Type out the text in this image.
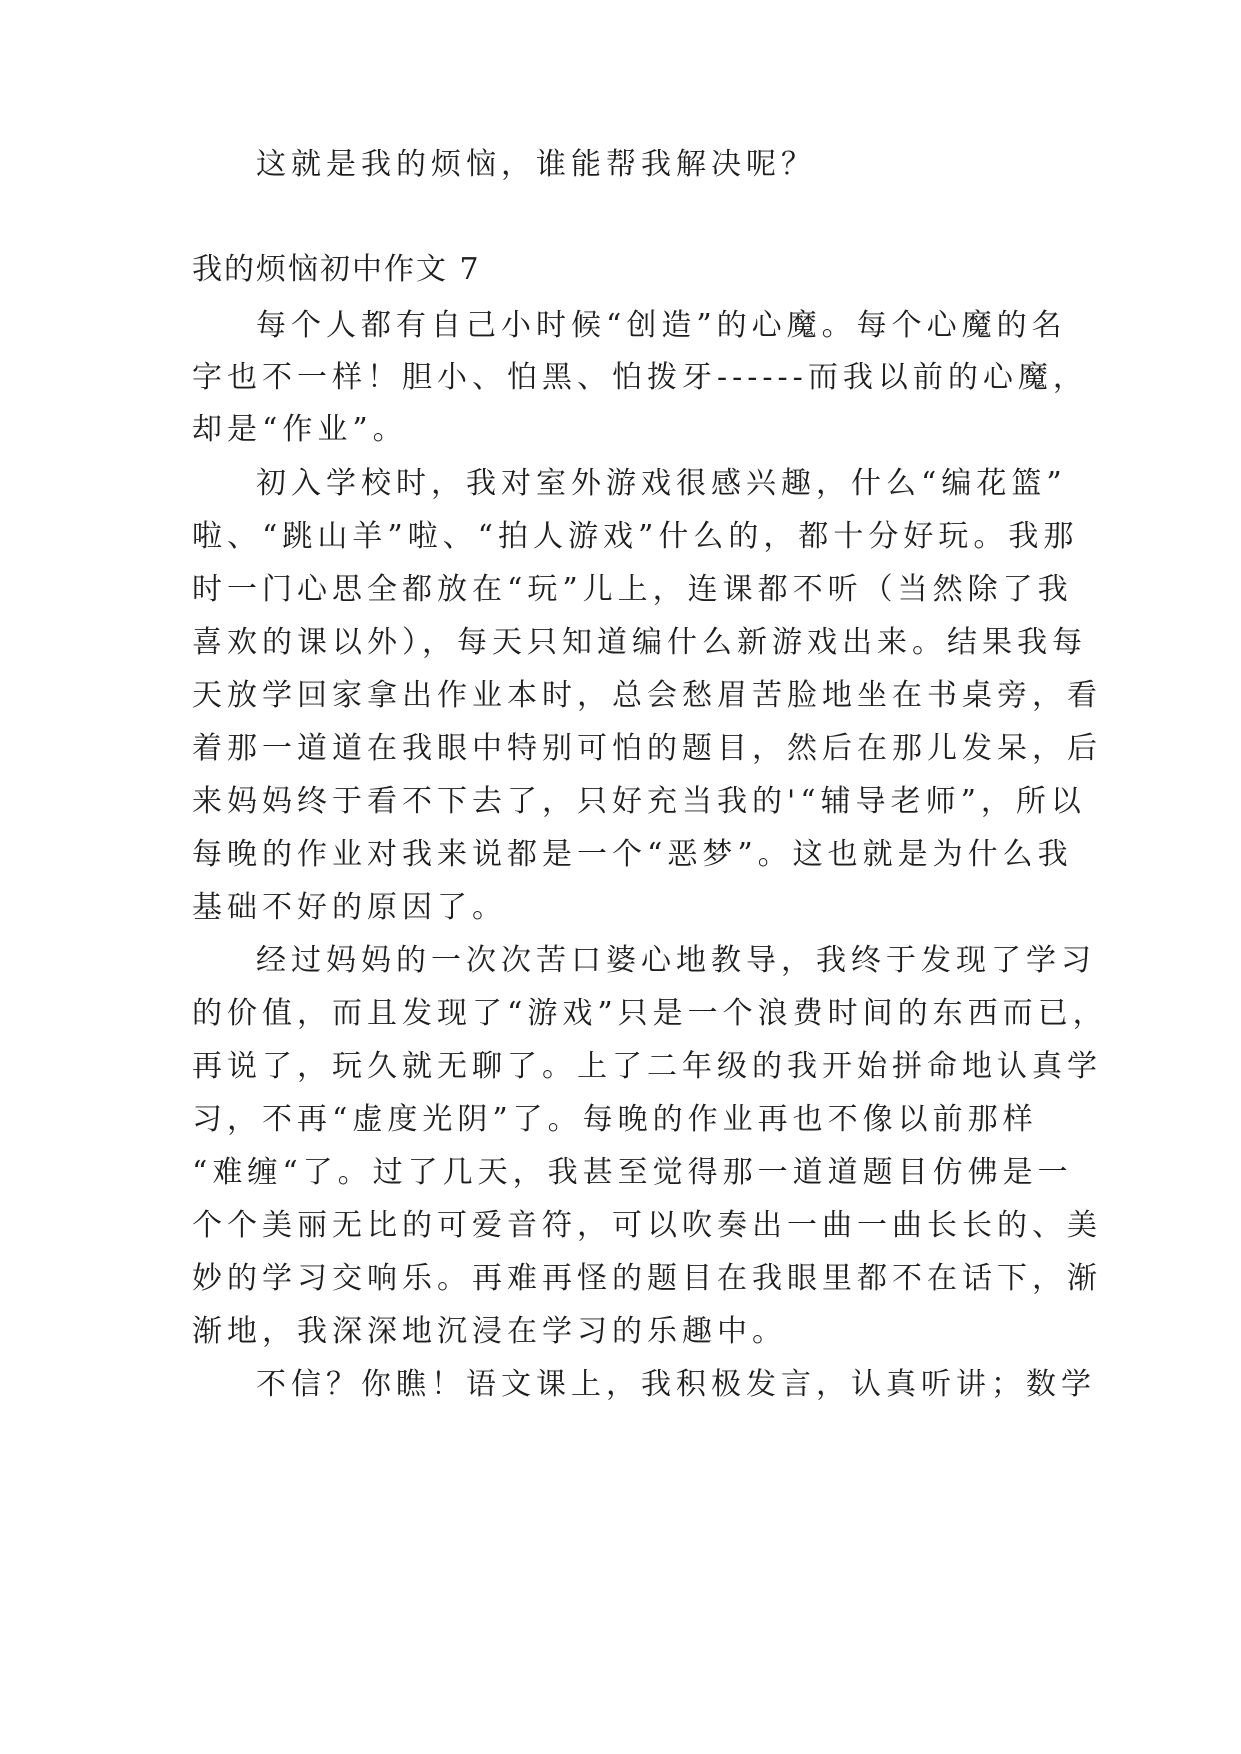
这就是我的烦恼，谁能帮我解决呢？
我的烦恼初中作文 7
每个人都有自己小时候“创造”的心魔。每个心魔的名
字也不一样！胆小、怕黑、怕拨牙------而我以前的心魔，
却是“作业”。
初入学校时，我对室外游戏很感兴趣，什么“编花篮”
啦、“跳山羊”啦、“拍人游戏”什么的，都十分好玩。我那
时一门心思全都放在“玩”儿上，连课都不听（当然除了我
喜欢的课以外），每天只知道编什么新游戏出来。结果我每
天放学回家拿出作业本时，总会愁眉苦脸地坐在书桌旁，看
着那一道道在我眼中特别可怕的题目，然后在那儿发呆，后
来妈妈终于看不下去了，只好充当我的'“辅导老师”，所以
每晚的作业对我来说都是一个“恶梦”。这也就是为什么我
基础不好的原因了。
经过妈妈的一次次苦口婆心地教导，我终于发现了学习
的价值，而且发现了“游戏”只是一个浪费时间的东西而已，
再说了，玩久就无聊了。上了二年级的我开始拼命地认真学
习，不再“虚度光阴”了。每晚的作业再也不像以前那样
“难缠“了。过了几天，我甚至觉得那一道道题目仿佛是一
个个美丽无比的可爱音符，可以吹奏出一曲一曲长长的、美
妙的学习交响乐。再难再怪的题目在我眼里都不在话下，渐
渐地，我深深地沉浸在学习的乐趣中。
不信？你瞧！语文课上，我积极发言，认真听讲；数学
